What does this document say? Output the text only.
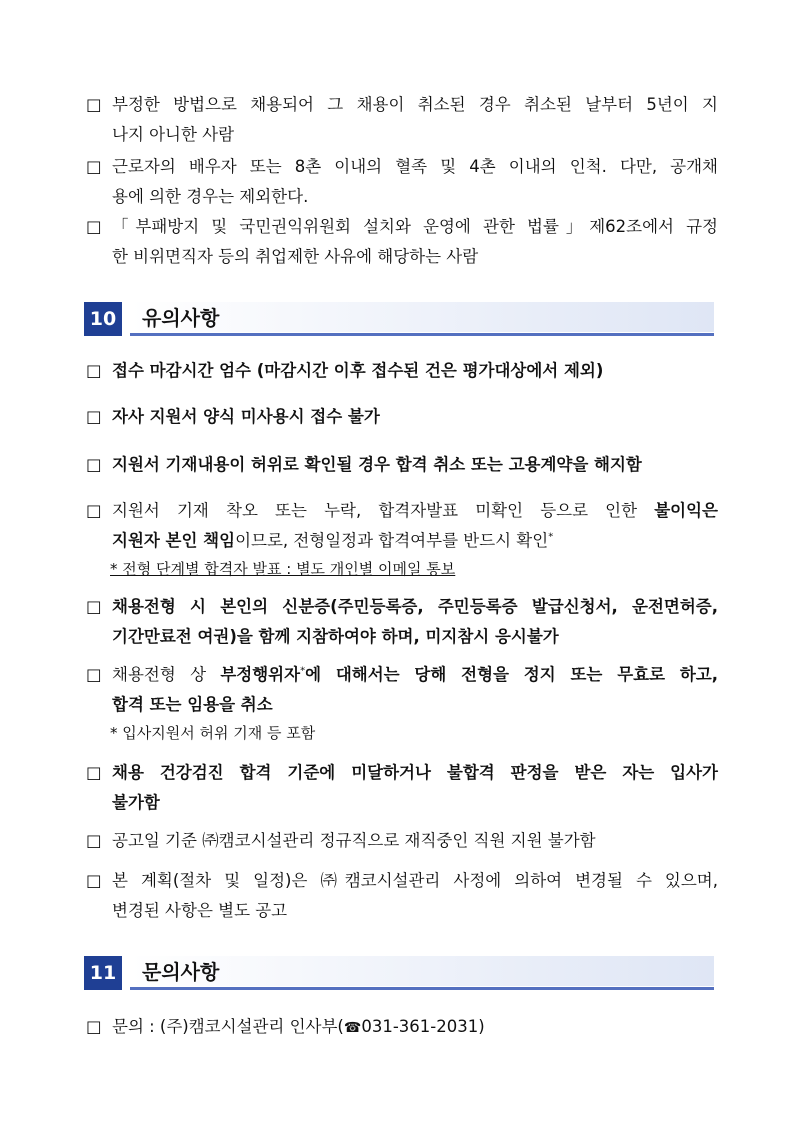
□ 부정한 방법으로 채용되어 그 채용이 취소된 경우 취소된 날부터 5년이 지
나지 아니한 사람
□ 근로자의 배우자 또는 8촌 이내의 혈족 및 4촌 이내의 인척. 다만, 공개채
용에 의한 경우는 제외한다.
□ 「부패방지 및 국민권익위원회 설치와 운영에 관한 법률」제62조에서 규정
한 비위면직자 등의 취업제한 사유에 해당하는 사람
10 유의사항
□ 접수 마감시간 엄수 (마감시간 이후 접수된 건은 평가대상에서 제외)
□ 자사 지원서 양식 미사용시 접수 불가
□ 지원서 기재내용이 허위로 확인될 경우 합격 취소 또는 고용계약을 해지함
□ 지원서 기재 착오 또는 누락, 합격자발표 미확인 등으로 인한 불이익은
지원자 본인 책임이므로, 전형일정과 합격여부를 반드시 확인*
* 전형 단계별 합격자 발표 : 별도 개인별 이메일 통보
□ 채용전형 시 본인의 신분증(주민등록증, 주민등록증 발급신청서, 운전면허증,
기간만료전 여권)을 함께 지참하여야 하며, 미지참시 응시불가
□ 채용전형 상 부정행위자*에 대해서는 당해 전형을 정지 또는 무효로 하고,
합격 또는 임용을 취소
* 입사지원서 허위 기재 등 포함
□ 채용 건강검진 합격 기준에 미달하거나 불합격 판정을 받은 자는 입사가
불가함
□ 공고일 기준 ㈜캠코시설관리 정규직으로 재직중인 직원 지원 불가함
□ 본 계획(절차 및 일정)은 ㈜캠코시설관리 사정에 의하여 변경될 수 있으며,
변경된 사항은 별도 공고
11 문의사항
□ 문의 : (주)캠코시설관리 인사부(☎031-361-2031)
